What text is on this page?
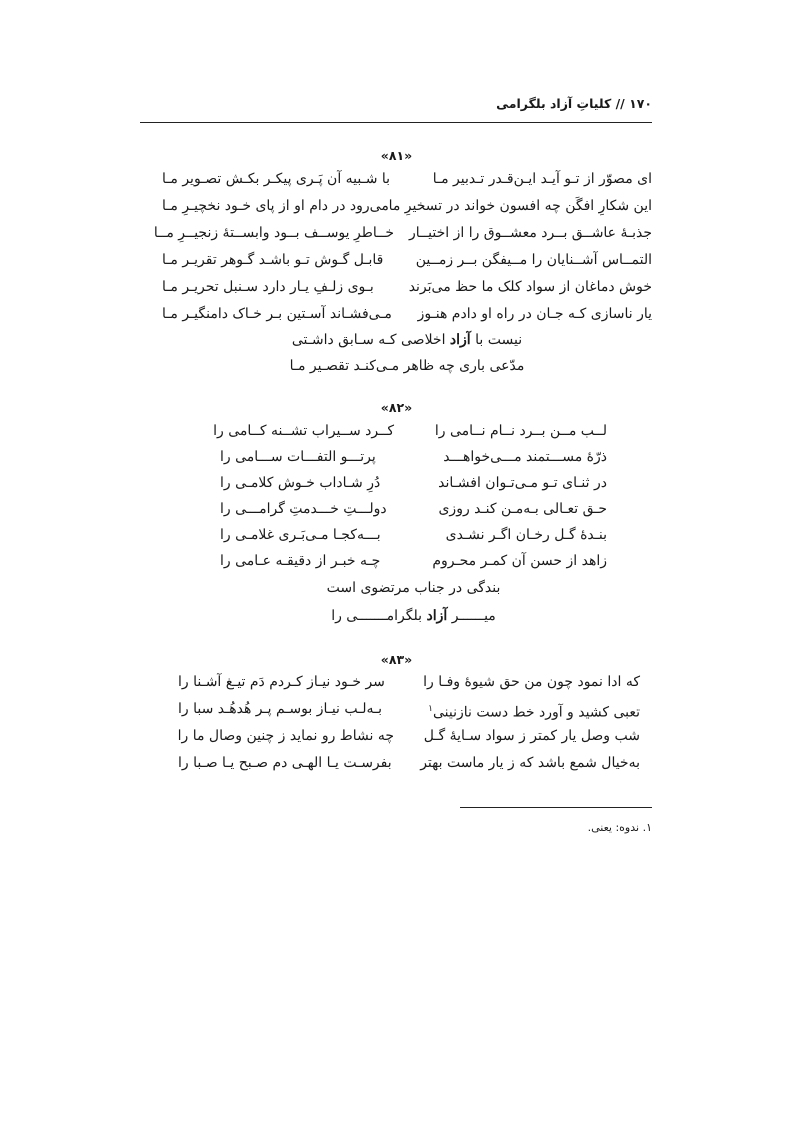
۱۷۰ // کلیاتِ آزاد بلگرامی
«۸۱»
ای مصوّر از تـو آیـد ایـن‌قـدر تـدبیر مـا
با شـبیه آن پَـری پیکـر بکـش تصـویر مـا
این شکارِ افگَن چه افسون خواند در تسخیرِ ما
می‌رود در دام او از پای خـود نخچیـرِ مـا
جذبـهٔ عاشــق بــرد معشــوق را از اختیــار
خــاطرِ یوســف بــود وابســتهٔ زنجیــرِ مــا
التمــاس آشــنایان را مــیفگن بــر زمــین
قابـل گـوش تـو باشـد گـوهر تقریـر مـا
خوش دماغان از سواد کلک ما حظ می‌بَرند
بـوی زلـفِ یـار دارد سـنبل تحریـر مـا
یار ناسازی کـه جـان در راه او دادم هنـوز
مـی‌فشـاند آسـتین بـر خـاک دامنگیـر مـا
نیست با آزاد اخلاصی کـه سـابق داشـتی
مدّعی باری چه ظاهر مـی‌کنـد تقصـیر مـا
«۸۲»
لــب مــن بــرد نــام نــامی را
کــرد ســیراب تشــنه کــامی را
ذرّهٔ مســـتمند مـــی‌خواهـــد
پرتـــو التفـــات ســـامی را
در ثنـای تـو مـی‌تـوان افشـاند
دُرِ شـاداب خـوش کلامـی را
حـق تعـالی بـه‌مـن کنـد روزی
دولـــتِ خـــدمتِ گرامـــی را
بنـدهٔ گـل رخـان اگـر نشـدی
بـــه‌کجـا مـی‌بَـری غلامـی را
زاهد از حسن آن کمـر محـروم
چـه خبـر از دقیقـه عـامی را
بندگی در جناب مرتضوی است
میــــــر آزاد بلگرامـــــــی را
«۸۳»
که ادا نمود چون من حق شیوهٔ وفـا را
سر خـود نیـاز کـردم دَم تیـغ آشـنا را
تعبی کشید و آورد خط دست نازنینی$^۱$
بـه‌لـب نیـاز بوسـم پـر هُدهُـد سبا را
شب وصل یار کمتر ز سواد سـایهٔ گـل
چه نشاط رو نماید ز چنین وصال ما را
به‌خیال شمع باشد که ز یار ماست بهتر
بفرسـت یـا الهـی دم صـبح یـا صـبا را
۱. ندوه: یعنی.
